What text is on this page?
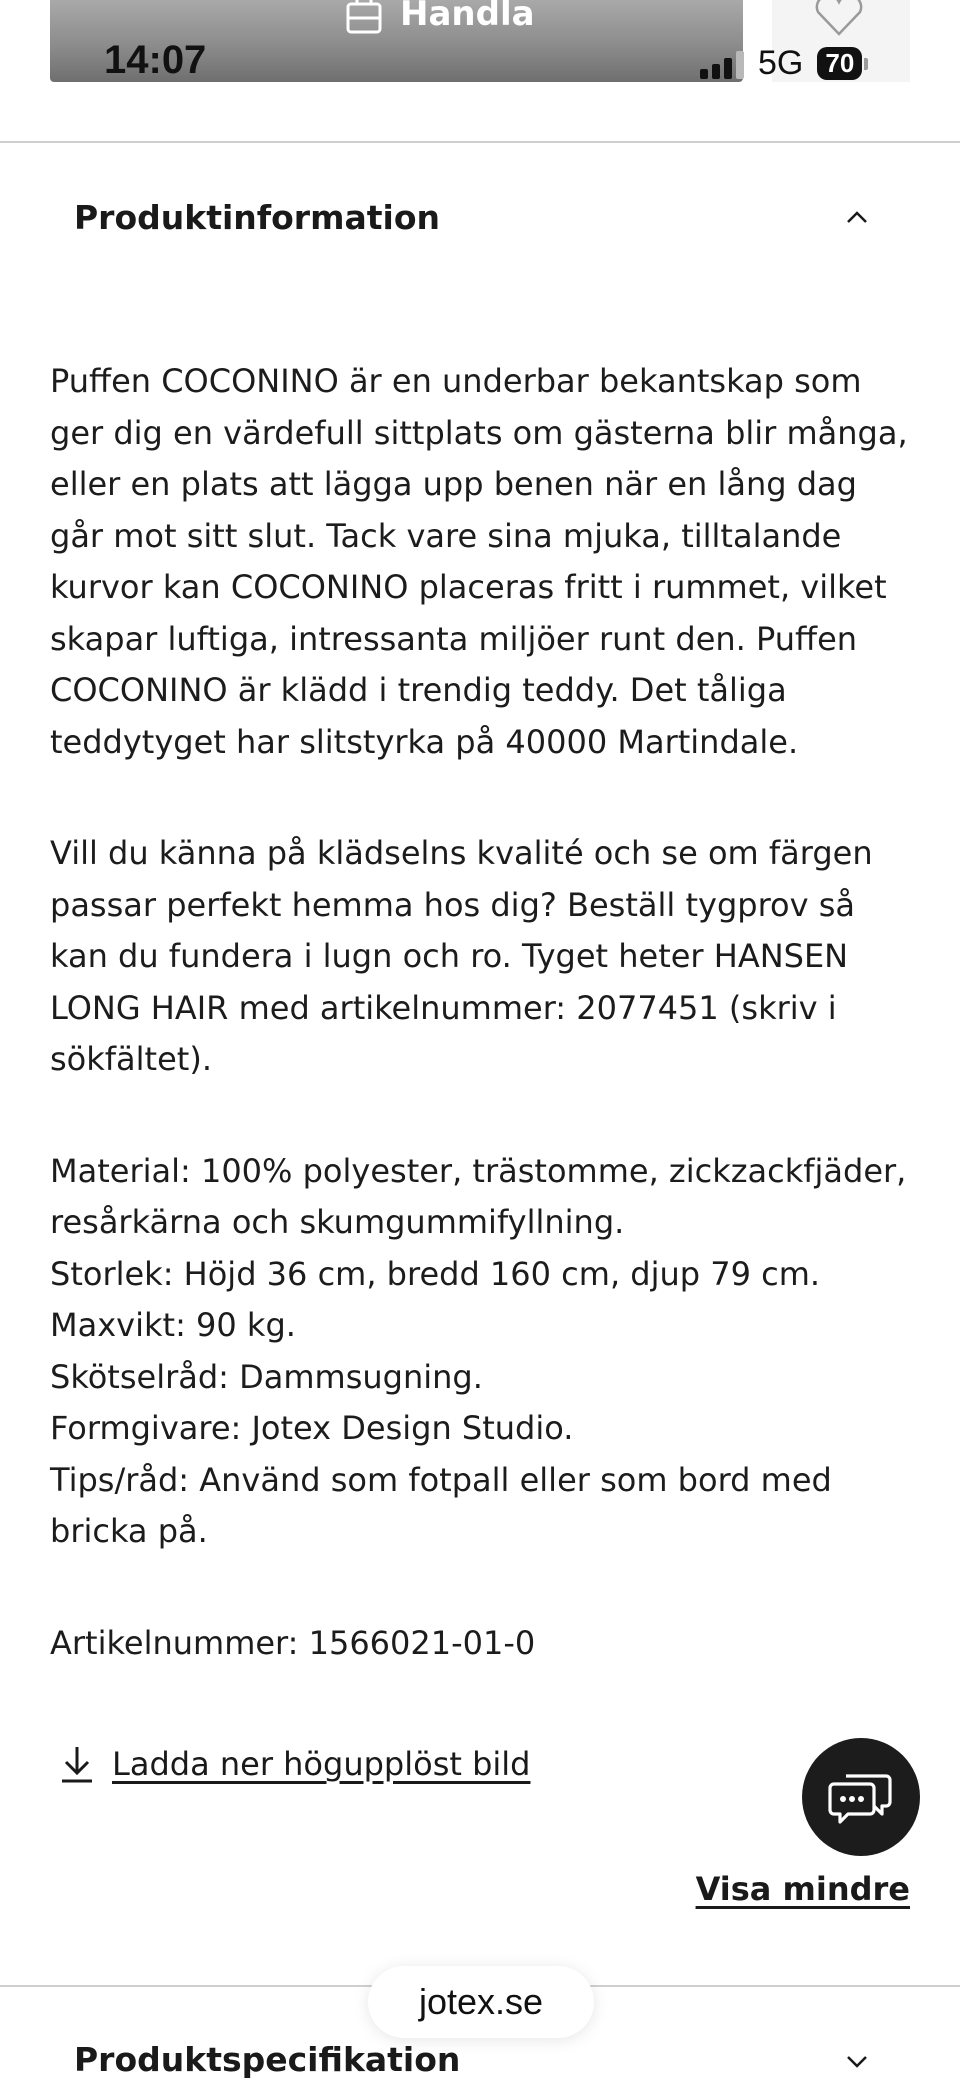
Handla
14:07	5G 70
Produktinformation

Puffen COCONINO är en underbar bekantskap som ger dig en värdefull sittplats om gästerna blir många, eller en plats att lägga upp benen när en lång dag går mot sitt slut. Tack vare sina mjuka, tilltalande kurvor kan COCONINO placeras fritt i rummet, vilket skapar luftiga, intressanta miljöer runt den. Puffen COCONINO är klädd i trendig teddy. Det tåliga teddytyget har slitstyrka på 40000 Martindale.

Vill du känna på klädselns kvalité och se om färgen passar perfekt hemma hos dig? Beställ tygprov så kan du fundera i lugn och ro. Tyget heter HANSEN LONG HAIR med artikelnummer: 2077451 (skriv i sökfältet).

Material: 100% polyester, trästomme, zickzackfjäder, resårkärna och skumgummifyllning.

Storlek: Höjd 36 cm, bredd 160 cm, djup 79 cm.

Maxvikt: 90 kg.

Skötselråd: Dammsugning.

Formgivare: Jotex Design Studio.

Tips/råd: Använd som fotpall eller som bord med bricka på.

Artikelnummer: 1566021-01-0

Ladda ner högupplöst bild
Visa mindre
Produktspecifikation
jotex.se
